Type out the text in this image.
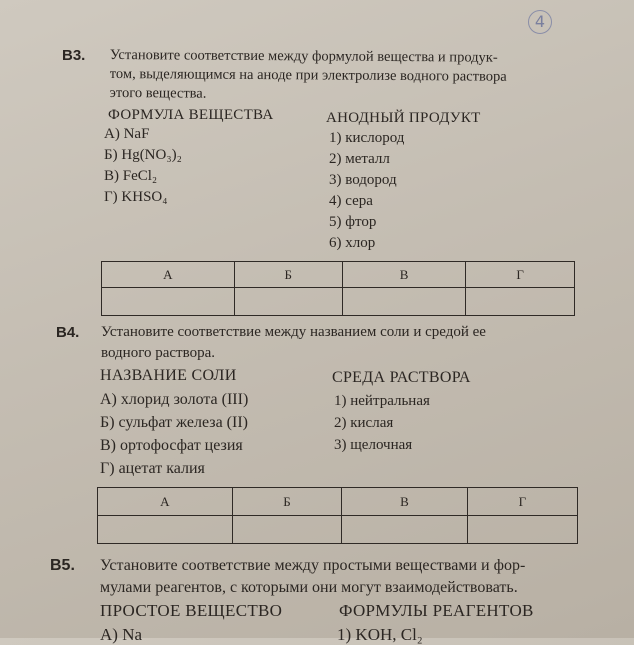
4
В3. Установите соответствие между формулой вещества и продук-
том, выделяющимся на аноде при электролизе водного раствора
этого вещества.
ФОРМУЛА ВЕЩЕСТВА	АНОДНЫЙ ПРОДУКТ
А) NaF
Б) Hg(NO₃)₂
В) FeCl₂
Г) KHSO₄
1) кислород
2) металл
3) водород
4) сера
5) фтор
6) хлор
А	Б	В	Г

В4. Установите соответствие между названием соли и средой ее
водного раствора.
НАЗВАНИЕ СОЛИ	СРЕДА РАСТВОРА
А) хлорид золота (III)
Б) сульфат железа (II)
В) ортофосфат цезия
Г) ацетат калия
1) нейтральная
2) кислая
3) щелочная
А	Б	В	Г

В5. Установите соответствие между простыми веществами и фор-
мулами реагентов, с которыми они могут взаимодействовать.
ПРОСТОЕ ВЕЩЕСТВО	ФОРМУЛЫ РЕАГЕНТОВ
А) Na	1) KOH, Cl₂
